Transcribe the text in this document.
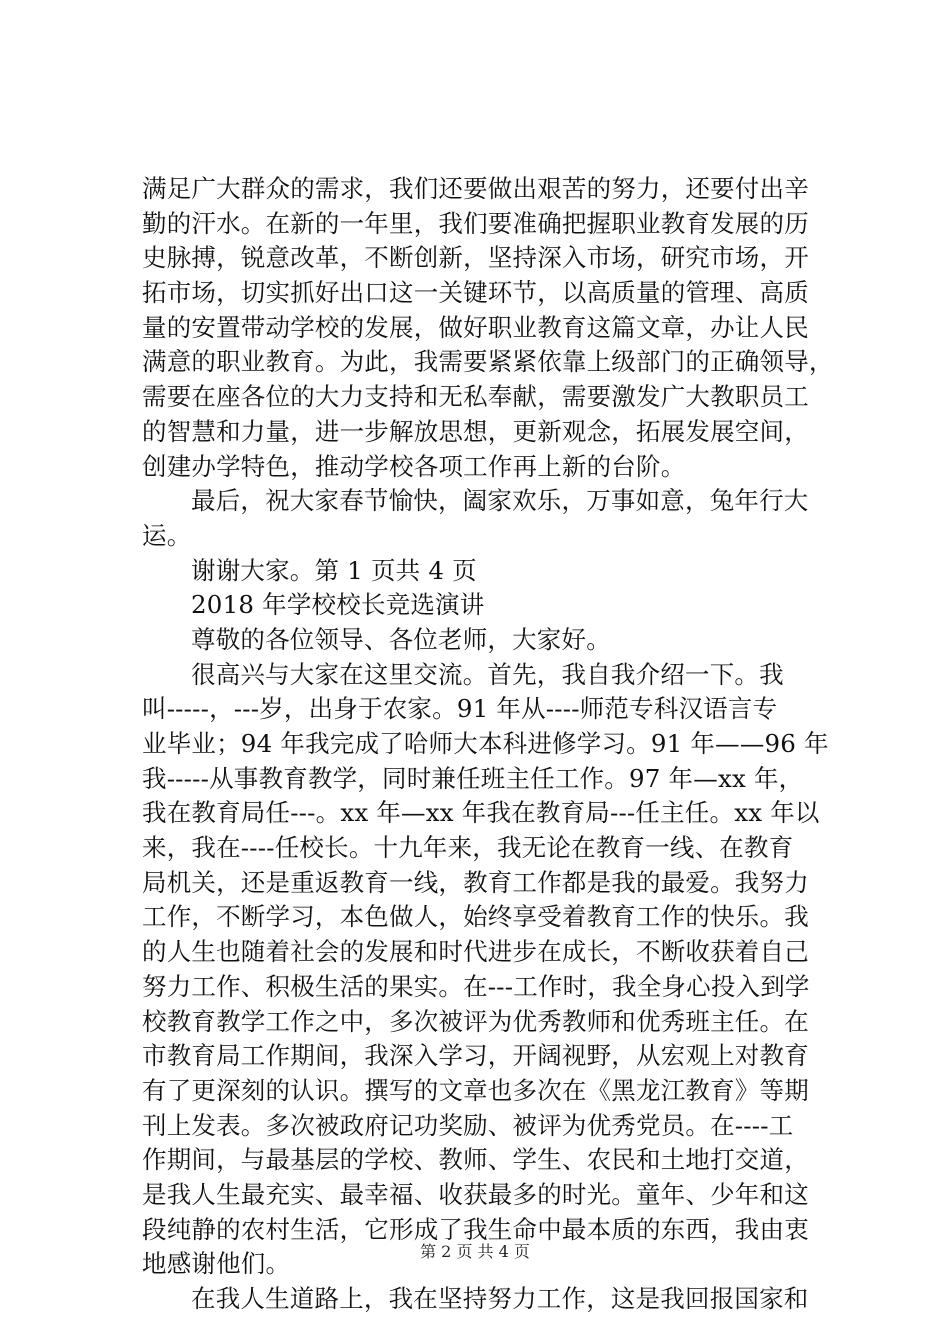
满足广大群众的需求，我们还要做出艰苦的努力，还要付出辛
勤的汗水。在新的一年里，我们要准确把握职业教育发展的历
史脉搏，锐意改革，不断创新，坚持深入市场，研究市场，开
拓市场，切实抓好出口这一关键环节，以高质量的管理、高质
量的安置带动学校的发展，做好职业教育这篇文章，办让人民
满意的职业教育。为此，我需要紧紧依靠上级部门的正确领导，
需要在座各位的大力支持和无私奉献，需要激发广大教职员工
的智慧和力量，进一步解放思想，更新观念，拓展发展空间，
创建办学特色，推动学校各项工作再上新的台阶。
最后，祝大家春节愉快，阖家欢乐，万事如意，兔年行大
运。
谢谢大家。第 1 页共 4 页
2018 年学校校长竞选演讲
尊敬的各位领导、各位老师，大家好。
很高兴与大家在这里交流。首先，我自我介绍一下。我
叫-----，---岁，出身于农家。91 年从----师范专科汉语言专
业毕业；94 年我完成了哈师大本科进修学习。91 年——96 年
我-----从事教育教学，同时兼任班主任工作。97 年—xx 年，
我在教育局任---。xx 年—xx 年我在教育局---任主任。xx 年以
来，我在----任校长。十九年来，我无论在教育一线、在教育
局机关，还是重返教育一线，教育工作都是我的最爱。我努力
工作，不断学习，本色做人，始终享受着教育工作的快乐。我
的人生也随着社会的发展和时代进步在成长，不断收获着自己
努力工作、积极生活的果实。在---工作时，我全身心投入到学
校教育教学工作之中，多次被评为优秀教师和优秀班主任。在
市教育局工作期间，我深入学习，开阔视野，从宏观上对教育
有了更深刻的认识。撰写的文章也多次在《黑龙江教育》等期
刊上发表。多次被政府记功奖励、被评为优秀党员。在----工
作期间，与最基层的学校、教师、学生、农民和土地打交道，
是我人生最充实、最幸福、收获最多的时光。童年、少年和这
段纯静的农村生活，它形成了我生命中最本质的东西，我由衷
地感谢他们。
在我人生道路上，我在坚持努力工作，这是我回报国家和
第 2 页 共 4 页
